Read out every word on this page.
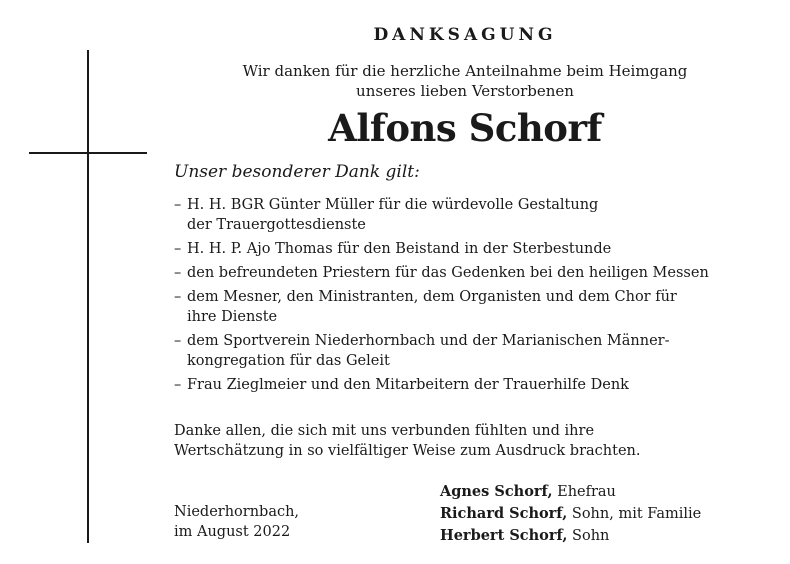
DANKSAGUNG
Wir danken für die herzliche Anteilnahme beim Heimgang
unseres lieben Verstorbenen
Alfons Schorf
Unser besonderer Dank gilt:
– H. H. BGR Günter Müller für die würdevolle Gestaltung
der Trauergottesdienste
– H. H. P. Ajo Thomas für den Beistand in der Sterbestunde
– den befreundeten Priestern für das Gedenken bei den heiligen Messen
– dem Mesner, den Ministranten, dem Organisten und dem Chor für
ihre Dienste
– dem Sportverein Niederhornbach und der Marianischen Männer-
kongregation für das Geleit
– Frau Zieglmeier und den Mitarbeitern der Trauerhilfe Denk
Danke allen, die sich mit uns verbunden fühlten und ihre
Wertschätzung in so vielfältiger Weise zum Ausdruck brachten.
Niederhornbach,
im August 2022
Agnes Schorf, Ehefrau
Richard Schorf, Sohn, mit Familie
Herbert Schorf, Sohn
